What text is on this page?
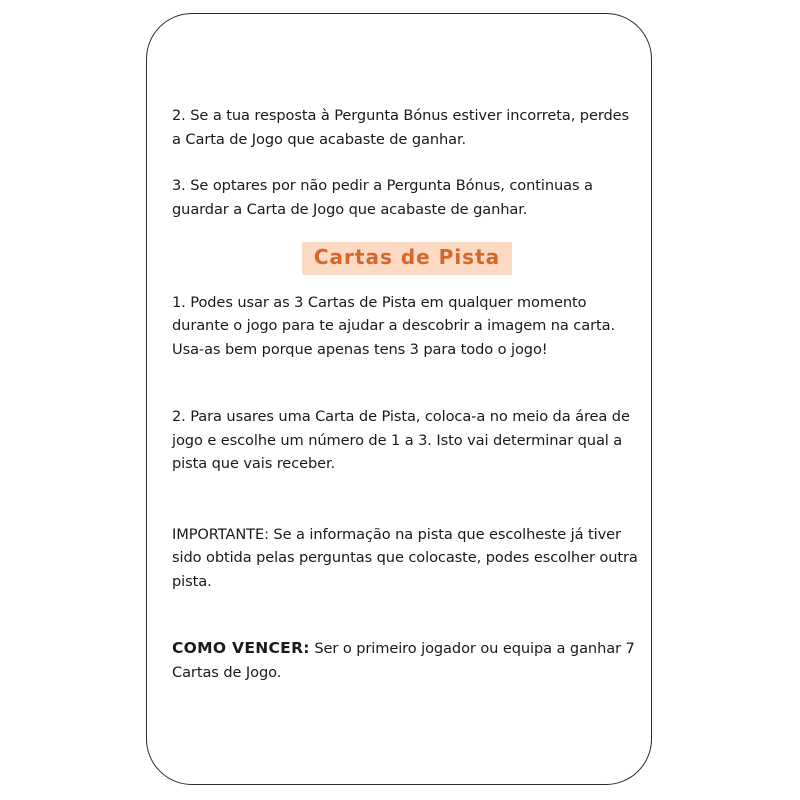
2. Se a tua resposta à Pergunta Bónus estiver incorreta, perdes a Carta de Jogo que acabaste de ganhar.

3. Se optares por não pedir a Pergunta Bónus, continuas a guardar a Carta de Jogo que acabaste de ganhar.

Cartas de Pista

1. Podes usar as 3 Cartas de Pista em qualquer momento durante o jogo para te ajudar a descobrir a imagem na carta. Usa-as bem porque apenas tens 3 para todo o jogo!

2. Para usares uma Carta de Pista, coloca-a no meio da área de jogo e escolhe um número de 1 a 3. Isto vai determinar qual a pista que vais receber.

IMPORTANTE: Se a informação na pista que escolheste já tiver sido obtida pelas perguntas que colocaste, podes escolher outra pista.

COMO VENCER: Ser o primeiro jogador ou equipa a ganhar 7 Cartas de Jogo.
